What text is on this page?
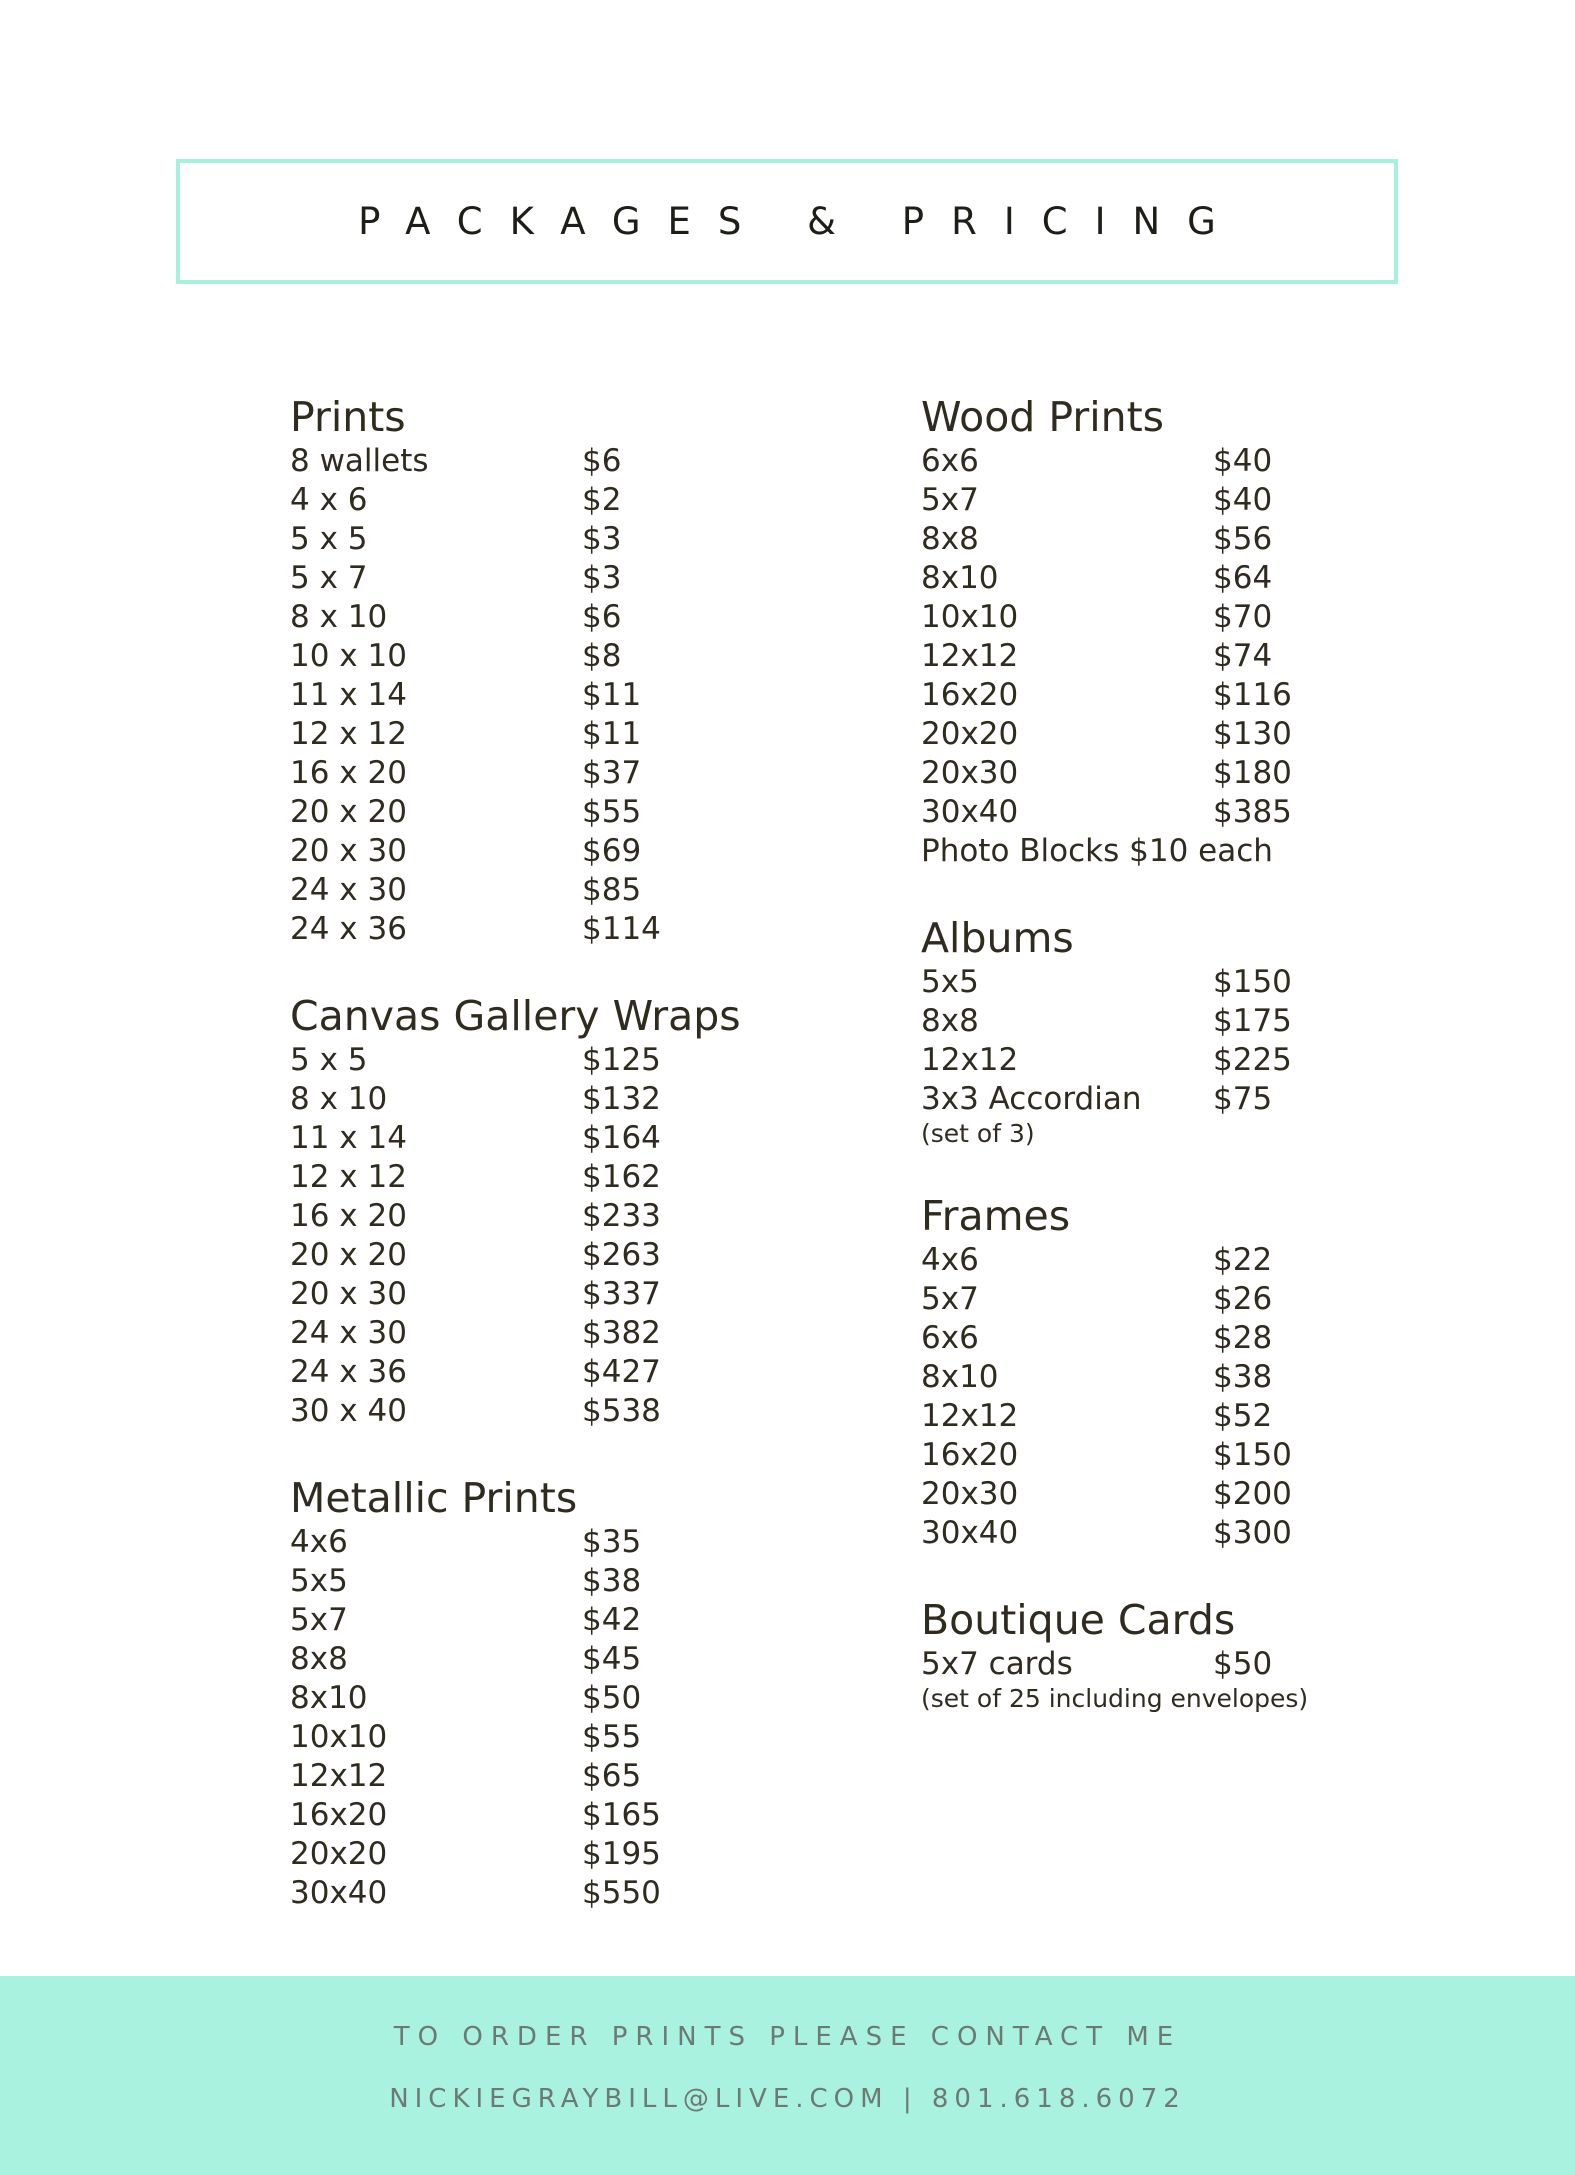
PACKAGES & PRICING
Prints
8 wallets	$6
4 x 6	$2
5 x 5	$3
5 x 7	$3
8 x 10	$6
10 x 10	$8
11 x 14	$11
12 x 12	$11
16 x 20	$37
20 x 20	$55
20 x 30	$69
24 x 30	$85
24 x 36	$114
Canvas Gallery Wraps
5 x 5	$125
8 x 10	$132
11 x 14	$164
12 x 12	$162
16 x 20	$233
20 x 20	$263
20 x 30	$337
24 x 30	$382
24 x 36	$427
30 x 40	$538
Metallic Prints
4x6	$35
5x5	$38
5x7	$42
8x8	$45
8x10	$50
10x10	$55
12x12	$65
16x20	$165
20x20	$195
30x40	$550
Wood Prints
6x6	$40
5x7	$40
8x8	$56
8x10	$64
10x10	$70
12x12	$74
16x20	$116
20x20	$130
20x30	$180
30x40	$385
Photo Blocks $10 each
Albums
5x5	$150
8x8	$175
12x12	$225
3x3 Accordian	$75
(set of 3)
Frames
4x6	$22
5x7	$26
6x6	$28
8x10	$38
12x12	$52
16x20	$150
20x30	$200
30x40	$300
Boutique Cards
5x7 cards	$50
(set of 25 including envelopes)
TO ORDER PRINTS PLEASE CONTACT ME
NICKIEGRAYBILL@LIVE.COM | 801.618.6072
